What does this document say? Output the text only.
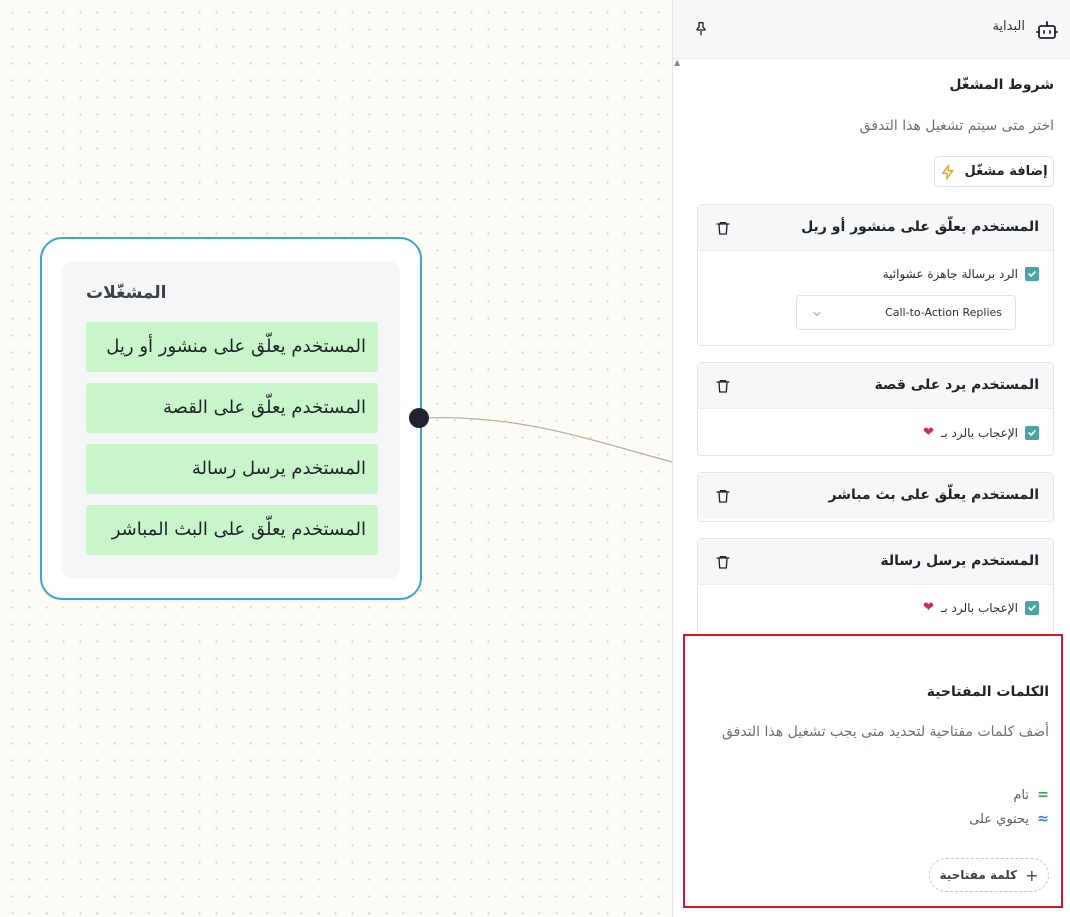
المشغّلات
المستخدم يعلّق على منشور أو ريل
المستخدم يعلّق على القصة
المستخدم يرسل رسالة
المستخدم يعلّق على البث المباشر
البداية
▲
شروط المشغّل
اختر متى سيتم تشغيل هذا التدفق
إضافة مشغّل
المستخدم يعلّق على منشور أو ريل
الرد برسالة جاهزة عشوائية
Call-to-Action Replies
المستخدم يرد على قصة
الإعجاب بالرد بـ
❤
المستخدم يعلّق على بث مباشر
المستخدم يرسل رسالة
الإعجاب بالرد بـ
❤
الكلمات المفتاحية
أضف كلمات مفتاحية لتحديد متى يجب تشغيل هذا التدفق
=
تام
≈
يحتوي على
+
كلمة مفتاحية
